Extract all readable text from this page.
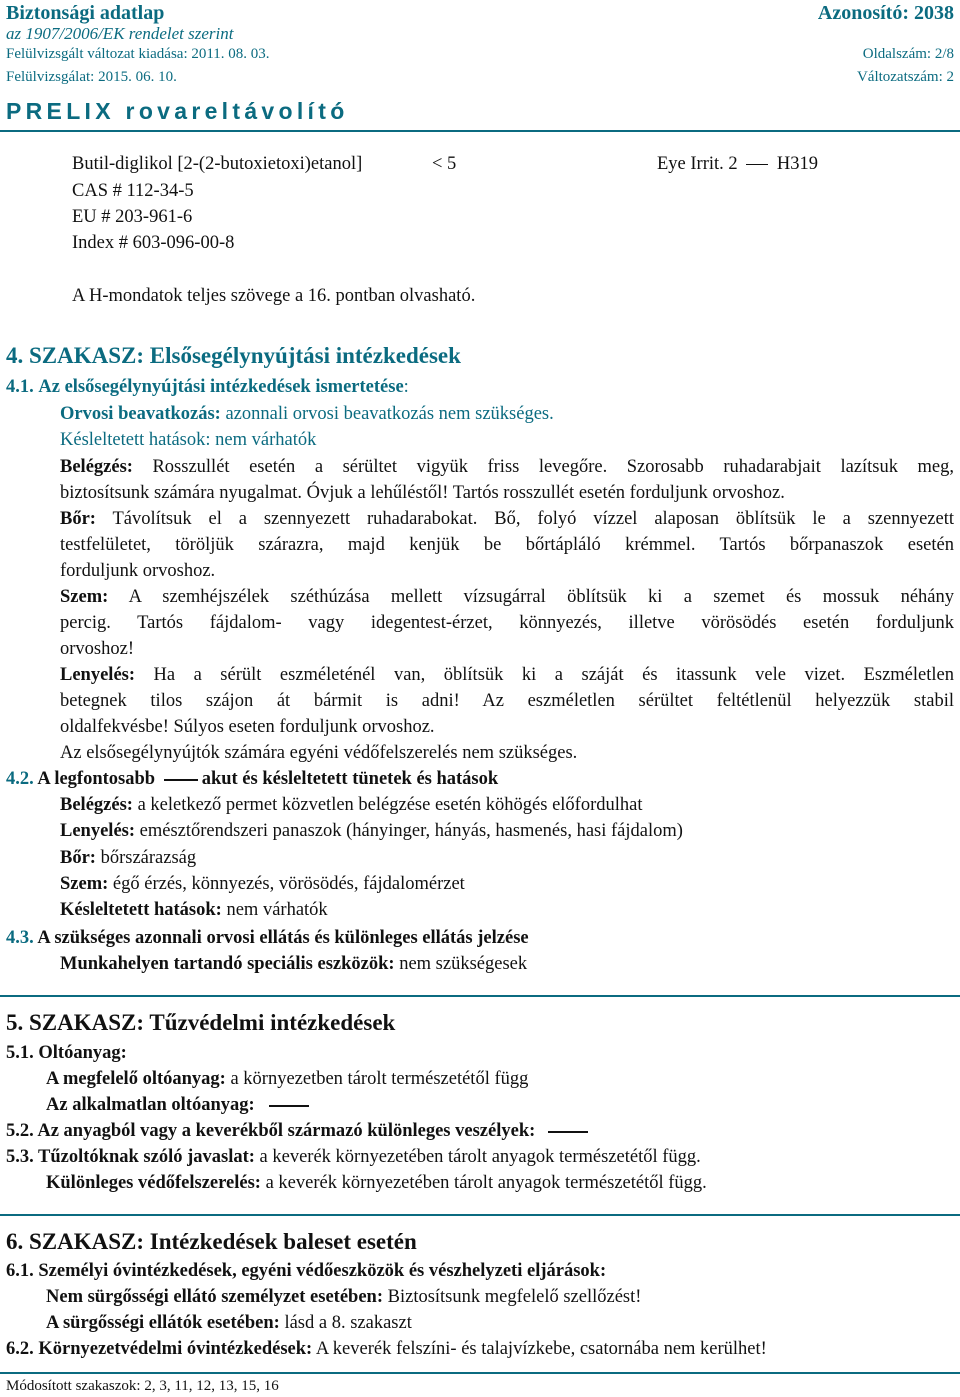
Biztonsági adatlap	Azonosító: 2038
az 1907/2006/EK rendelet szerint
Felülvizsgált változat kiadása: 2011. 08. 03.	Oldalszám: 2/8
Felülvizsgálat: 2015. 06. 10.	Változatszám: 2
PRELIX rovareltávolító
Butil-diglikol [2-(2-butoxietoxi)etanol]	< 5	Eye Irrit. 2 H319
CAS # 112-34-5
EU # 203-961-6
Index # 603-096-00-8
A H-mondatok teljes szövege a 16. pontban olvasható.
4. SZAKASZ: Elsősegélynyújtási intézkedések
4.1. Az elsősegélynyújtási intézkedések ismertetése:
Orvosi beavatkozás: azonnali orvosi beavatkozás nem szükséges.
Késleltetett hatások: nem várhatók
Belégzés: Rosszullét esetén a sérültet vigyük friss levegőre. Szorosabb ruhadarabjait lazítsuk meg,
biztosítsunk számára nyugalmat. Óvjuk a lehűléstől! Tartós rosszullét esetén forduljunk orvoshoz.
Bőr: Távolítsuk el a szennyezett ruhadarabokat. Bő, folyó vízzel alaposan öblítsük le a szennyezett
testfelületet, töröljük szárazra, majd kenjük be bőrtápláló krémmel. Tartós bőrpanaszok esetén
forduljunk orvoshoz.
Szem: A szemhéjszélek széthúzása mellett vízsugárral öblítsük ki a szemet és mossuk néhány
percig. Tartós fájdalom- vagy idegentest-érzet, könnyezés, illetve vörösödés esetén forduljunk
orvoshoz!
Lenyelés: Ha a sérült eszméleténél van, öblítsük ki a száját és itassunk vele vizet. Eszméletlen
betegnek tilos szájon át bármit is adni! Az eszméletlen sérültet feltétlenül helyezzük stabil
oldalfekvésbe! Súlyos eseten forduljunk orvoshoz.
Az elsősegélynyújtók számára egyéni védőfelszerelés nem szükséges.
4.2. A legfontosabb	akut és késleltetett tünetek és hatások
Belégzés: a keletkező permet közvetlen belégzése esetén köhögés előfordulhat
Lenyelés: emésztőrendszeri panaszok (hányinger, hányás, hasmenés, hasi fájdalom)
Bőr: bőrszárazság
Szem: égő érzés, könnyezés, vörösödés, fájdalomérzet
Késleltetett hatások: nem várhatók
4.3. A szükséges azonnali orvosi ellátás és különleges ellátás jelzése
Munkahelyen tartandó speciális eszközök: nem szükségesek
5. SZAKASZ: Tűzvédelmi intézkedések
5.1. Oltóanyag:
A megfelelő oltóanyag: a környezetben tárolt természetétől függ
Az alkalmatlan oltóanyag:
5.2. Az anyagból vagy a keverékből származó különleges veszélyek:
5.3. Tűzoltóknak szóló javaslat: a keverék környezetében tárolt anyagok természetétől függ.
Különleges védőfelszerelés: a keverék környezetében tárolt anyagok természetétől függ.
6. SZAKASZ: Intézkedések baleset esetén
6.1. Személyi óvintézkedések, egyéni védőeszközök és vészhelyzeti eljárások:
Nem sürgősségi ellátó személyzet esetében: Biztosítsunk megfelelő szellőzést!
A sürgősségi ellátók esetében: lásd a 8. szakaszt
6.2. Környezetvédelmi óvintézkedések: A keverék felszíni- és talajvízkebe, csatornába nem kerülhet!
Módosított szakaszok: 2, 3, 11, 12, 13, 15, 16
